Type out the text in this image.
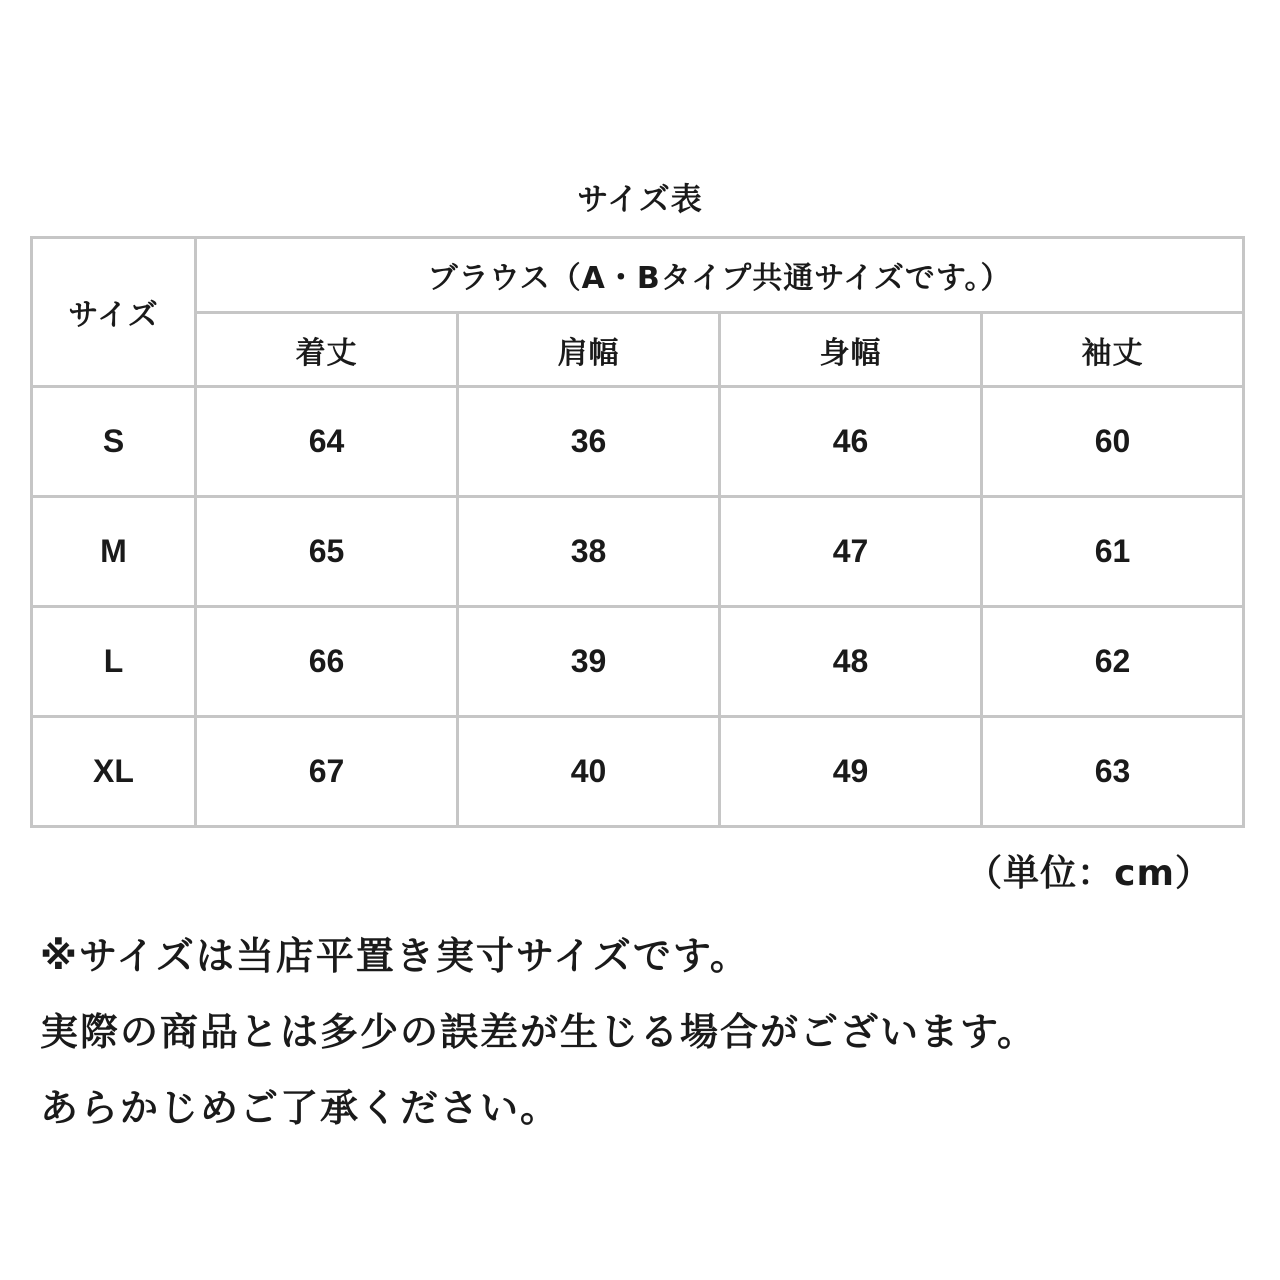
サイズ表
サイズ	ブラウス（A・Bタイプ共通サイズです。）			
	着丈	肩幅	身幅	袖丈
S	64	36	46	60
M	65	38	47	61
L	66	39	48	62
XL	67	40	49	63
（単位：cm）
※サイズは当店平置き実寸サイズです。
実際の商品とは多少の誤差が生じる場合がございます。
あらかじめご了承ください。
